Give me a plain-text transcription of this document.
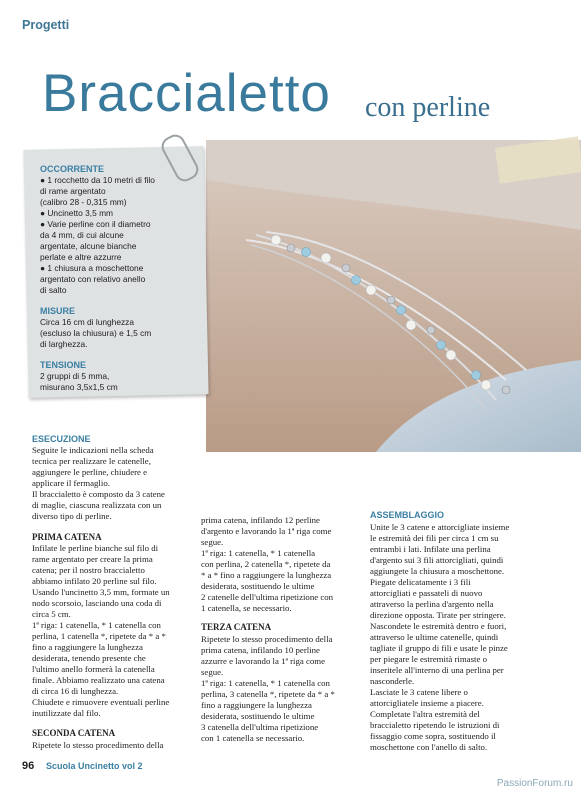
Progetti
Braccialetto con perline
OCCORRENTE
● 1 rocchetto da 10 metri di filo
di rame argentato
(calibro 28 - 0,315 mm)
● Uncinetto 3,5 mm
● Varie perline con il diametro
da 4 mm, di cui alcune
argentate, alcune bianche
perlate e altre azzurre
● 1 chiusura a moschettone
argentato con relativo anello
di salto
MISURE
Circa 16 cm di lunghezza
(escluso la chiusura) e 1,5 cm
di larghezza.
TENSIONE
2 gruppi di 5 mma,
misurano 3,5x1,5 cm
ESECUZIONE
Seguite le indicazioni nella scheda
tecnica per realizzare le catenelle,
aggiungere le perline, chiudere e
applicare il fermaglio.
Il braccialetto è composto da 3 catene
di maglie, ciascuna realizzata con un
diverso tipo di perline.
PRIMA CATENA
Infilate le perline bianche sul filo di
rame argentato per creare la prima
catena; per il nostro braccialetto
abbiamo infilato 20 perline sul filo.
Usando l'uncinetto 3,5 mm, formate un
nodo scorsoio, lasciando una coda di
circa 5 cm.
1ª riga: 1 catenella, * 1 catenella con
perlina, 1 catenella *, ripetete da * a *
fino a raggiungere la lunghezza
desiderata, tenendo presente che
l'ultimo anello formerà la catenella
finale. Abbiamo realizzato una catena
di circa 16 di lunghezza.
Chiudete e rimuovere eventuali perline
inutilizzate dal filo.
SECONDA CATENA
Ripetete lo stesso procedimento della
prima catena, infilando 12 perline
d'argento e lavorando la 1ª riga come
segue.
1ª riga: 1 catenella, * 1 catenella
con perlina, 2 catenella *, ripetete da
* a * fino a raggiungere la lunghezza
desiderata, sostituendo le ultime
2 catenelle dell'ultima ripetizione con
1 catenella, se necessario.
TERZA CATENA
Ripetete lo stesso procedimento della
prima catena, infilando 10 perline
azzurre e lavorando la 1ª riga come
segue.
1ª riga: 1 catenella, * 1 catenella con
perlina, 3 catenella *, ripetete da * a *
fino a raggiungere la lunghezza
desiderata, sostituendo le ultime
3 catenella dell'ultima ripetizione
con 1 catenella se necessario.
ASSEMBLAGGIO
Unite le 3 catene e attorcigliate insieme
le estremità dei fili per circa 1 cm su
entrambi i lati. Infilate una perlina
d'argento sui 3 fili attorcigliati, quindi
aggiungete la chiusura a moschettone.
Piegate delicatamente i 3 fili
attorcigliati e passateli di nuovo
attraverso la perlina d'argento nella
direzione opposta. Tirate per stringere.
Nascondete le estremità dentro e fuori,
attraverso le ultime catenelle, quindi
tagliate il gruppo di fili e usate le pinze
per piegare le estremità rimaste o
inseritele all'interno di una perlina per
nasconderle.
Lasciate le 3 catene libere o
attorcigliatele insieme a piacere.
Completate l'altra estremità del
braccialetto ripetendo le istruzioni di
fissaggio come sopra, sostituendo il
moschettone con l'anello di salto.
96 Scuola Uncinetto vol 2
PassionForum.ru
